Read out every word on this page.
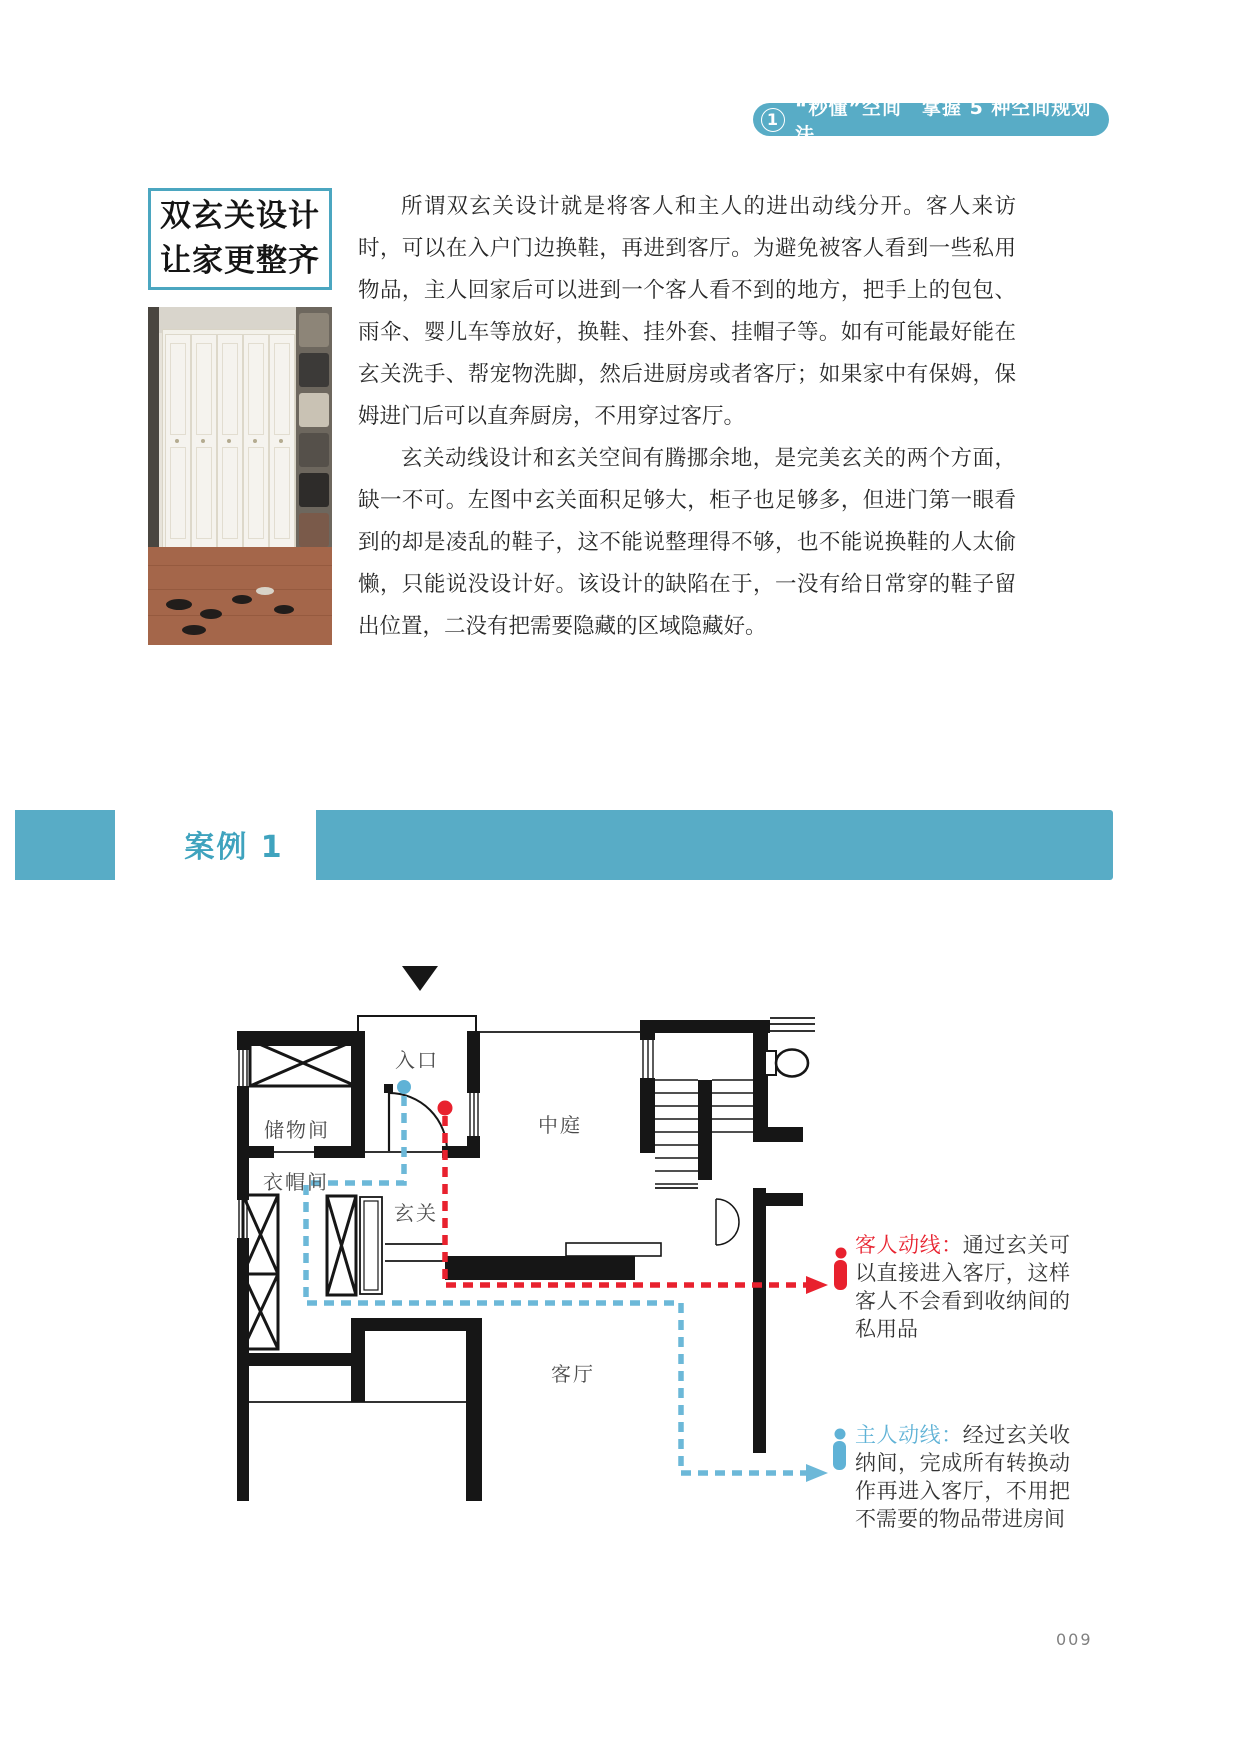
1
“秒懂”空间　掌握 5 种空间规划法
双玄关设计
让家更整齐

所谓双玄关设计就是将客人和主人的进出动线分开。客人来访时，可以在入户门边换鞋，再进到客厅。为避免被客人看到一些私用物品，主人回家后可以进到一个客人看不到的地方，把手上的包包、雨伞、婴儿车等放好，换鞋、挂外套、挂帽子等。如有可能最好能在玄关洗手、帮宠物洗脚，然后进厨房或者客厅；如果家中有保姆，保姆进门后可以直奔厨房，不用穿过客厅。

玄关动线设计和玄关空间有腾挪余地，是完美玄关的两个方面，缺一不可。左图中玄关面积足够大，柜子也足够多，但进门第一眼看到的却是凌乱的鞋子，这不能说整理得不够，也不能说换鞋的人太偷懒，只能说没设计好。该设计的缺陷在于，一没有给日常穿的鞋子留出位置，二没有把需要隐藏的区域隐藏好。

案例 1
入口
储物间
衣帽间
玄关
中庭
客厅
客人动线：通过玄关可以直接进入客厅，这样客人不会看到收纳间的私用品
主人动线：经过玄关收纳间，完成所有转换动作再进入客厅，不用把不需要的物品带进房间
009
